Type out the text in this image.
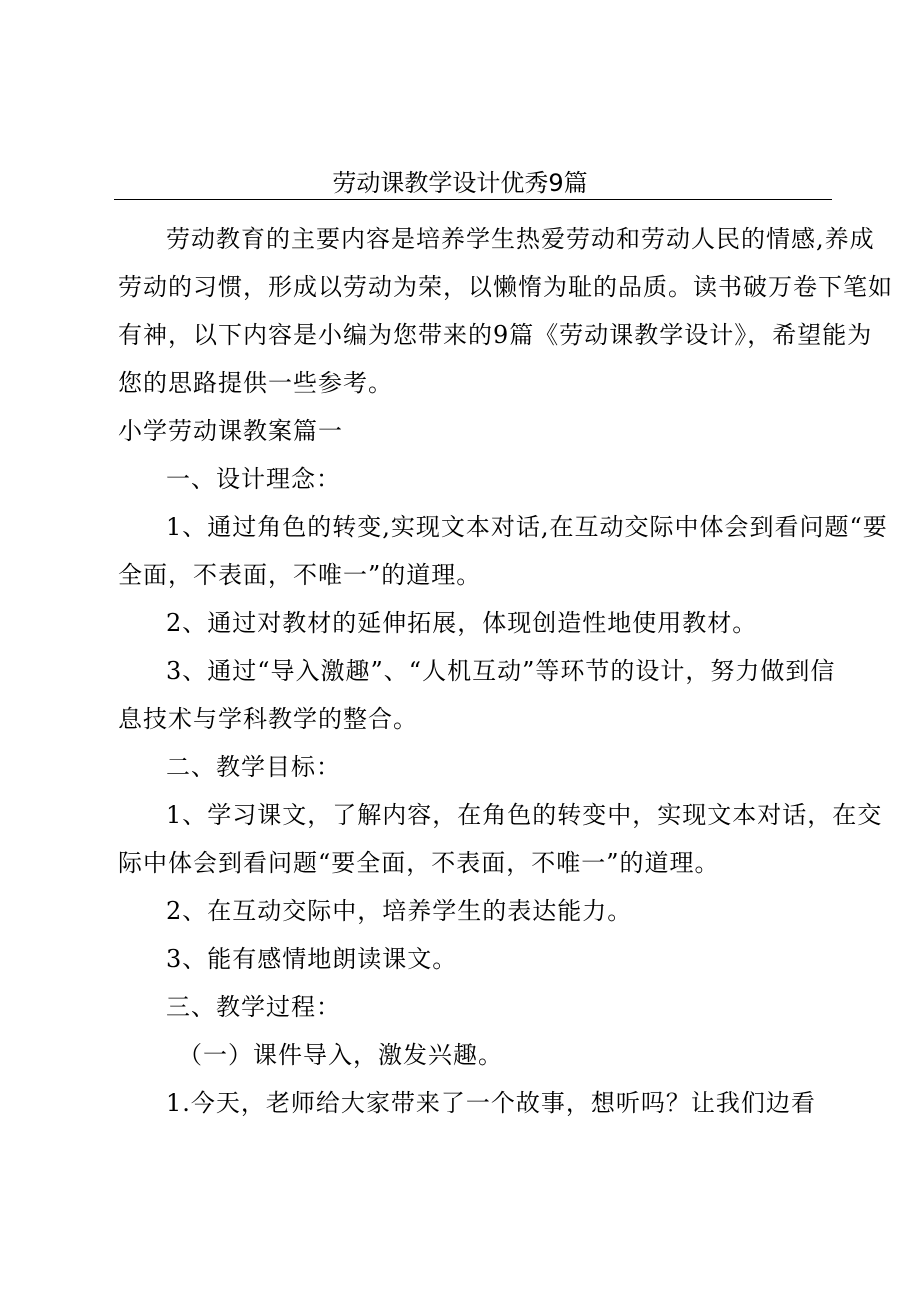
劳动课教学设计优秀9篇
劳动教育的主要内容是培养学生热爱劳动和劳动人民的情感,养成
劳动的习惯，形成以劳动为荣，以懒惰为耻的品质。读书破万卷下笔如
有神，以下内容是小编为您带来的9篇《劳动课教学设计》，希望能为
您的思路提供一些参考。
小学劳动课教案篇一
一、设计理念：
1、通过角色的转变,实现文本对话,在互动交际中体会到看问题“要
全面，不表面，不唯一”的道理。
2、通过对教材的延伸拓展，体现创造性地使用教材。
3、通过“导入激趣”、“人机互动”等环节的设计，努力做到信
息技术与学科教学的整合。
二、教学目标：
1、学习课文，了解内容，在角色的转变中，实现文本对话，在交
际中体会到看问题“要全面，不表面，不唯一”的道理。
2、在互动交际中，培养学生的表达能力。
3、能有感情地朗读课文。
三、教学过程：
（一）课件导入，激发兴趣。
1.今天，老师给大家带来了一个故事，想听吗？让我们边看
